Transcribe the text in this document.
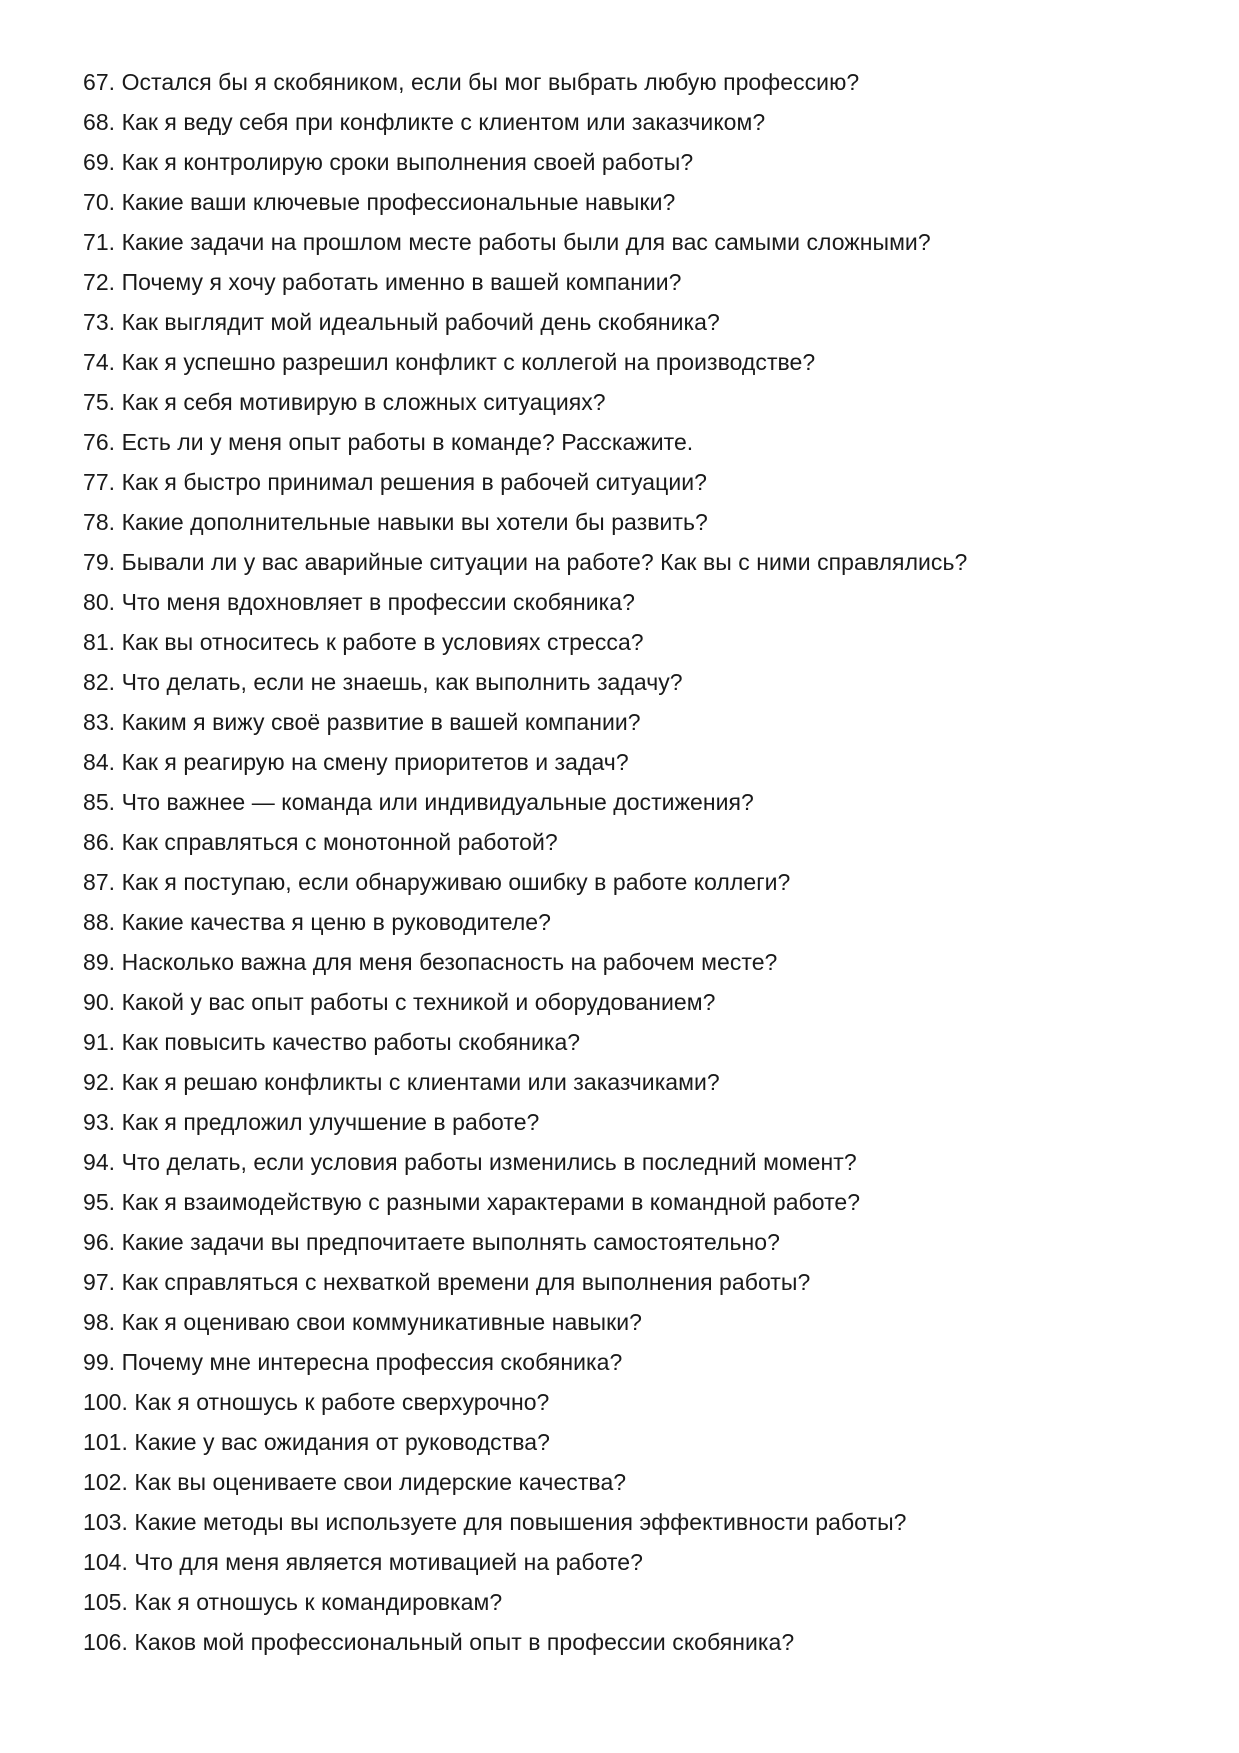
67. Остался бы я скобяником, если бы мог выбрать любую профессию?
68. Как я веду себя при конфликте с клиентом или заказчиком?
69. Как я контролирую сроки выполнения своей работы?
70. Какие ваши ключевые профессиональные навыки?
71. Какие задачи на прошлом месте работы были для вас самыми сложными?
72. Почему я хочу работать именно в вашей компании?
73. Как выглядит мой идеальный рабочий день скобяника?
74. Как я успешно разрешил конфликт с коллегой на производстве?
75. Как я себя мотивирую в сложных ситуациях?
76. Есть ли у меня опыт работы в команде? Расскажите.
77. Как я быстро принимал решения в рабочей ситуации?
78. Какие дополнительные навыки вы хотели бы развить?
79. Бывали ли у вас аварийные ситуации на работе? Как вы с ними справлялись?
80. Что меня вдохновляет в профессии скобяника?
81. Как вы относитесь к работе в условиях стресса?
82. Что делать, если не знаешь, как выполнить задачу?
83. Каким я вижу своё развитие в вашей компании?
84. Как я реагирую на смену приоритетов и задач?
85. Что важнее — команда или индивидуальные достижения?
86. Как справляться с монотонной работой?
87. Как я поступаю, если обнаруживаю ошибку в работе коллеги?
88. Какие качества я ценю в руководителе?
89. Насколько важна для меня безопасность на рабочем месте?
90. Какой у вас опыт работы с техникой и оборудованием?
91. Как повысить качество работы скобяника?
92. Как я решаю конфликты с клиентами или заказчиками?
93. Как я предложил улучшение в работе?
94. Что делать, если условия работы изменились в последний момент?
95. Как я взаимодействую с разными характерами в командной работе?
96. Какие задачи вы предпочитаете выполнять самостоятельно?
97. Как справляться с нехваткой времени для выполнения работы?
98. Как я оцениваю свои коммуникативные навыки?
99. Почему мне интересна профессия скобяника?
100. Как я отношусь к работе сверхурочно?
101. Какие у вас ожидания от руководства?
102. Как вы оцениваете свои лидерские качества?
103. Какие методы вы используете для повышения эффективности работы?
104. Что для меня является мотивацией на работе?
105. Как я отношусь к командировкам?
106. Каков мой профессиональный опыт в профессии скобяника?
